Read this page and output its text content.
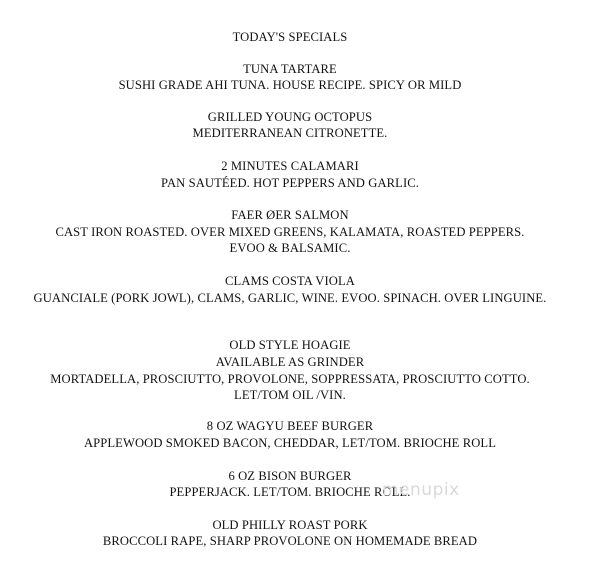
TODAY'S SPECIALS
TUNA TARTARE
SUSHI GRADE AHI TUNA. HOUSE RECIPE. SPICY OR MILD
GRILLED YOUNG OCTOPUS
MEDITERRANEAN CITRONETTE.
2 MINUTES CALAMARI
PAN SAUTÉED. HOT PEPPERS AND GARLIC.
FAER ØER SALMON
CAST IRON ROASTED. OVER MIXED GREENS, KALAMATA, ROASTED PEPPERS.
EVOO & BALSAMIC.
CLAMS COSTA VIOLA
GUANCIALE (PORK JOWL), CLAMS, GARLIC, WINE. EVOO. SPINACH. OVER LINGUINE.
OLD STYLE HOAGIE
AVAILABLE AS GRINDER
MORTADELLA, PROSCIUTTO, PROVOLONE, SOPPRESSATA, PROSCIUTTO COTTO.
LET/TOM OIL /VIN.
8 OZ WAGYU BEEF BURGER
APPLEWOOD SMOKED BACON, CHEDDAR, LET/TOM. BRIOCHE ROLL
6 OZ BISON BURGER
PEPPERJACK. LET/TOM. BRIOCHE ROLL.
OLD PHILLY ROAST PORK
BROCCOLI RAPE, SHARP PROVOLONE ON HOMEMADE BREAD
menupix
